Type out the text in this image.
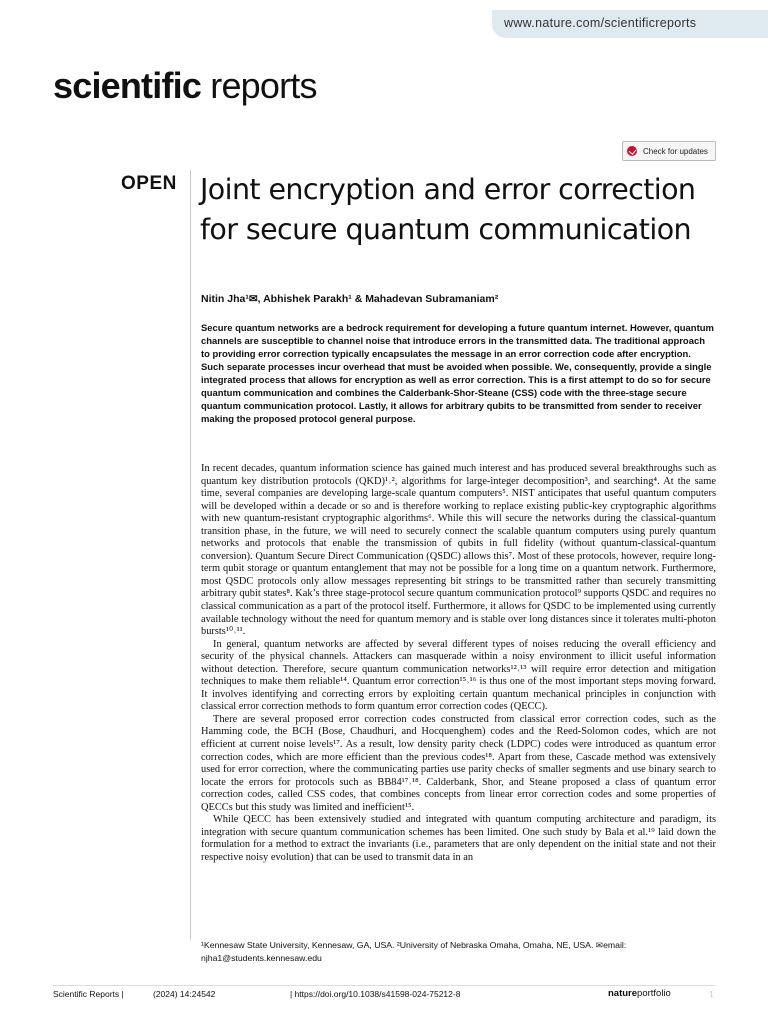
www.nature.com/scientificreports
scientific reports
Check for updates
OPEN Joint encryption and error correction for secure quantum communication
Nitin Jha¹✉, Abhishek Parakh¹ & Mahadevan Subramaniam²

Secure quantum networks are a bedrock requirement for developing a future quantum internet. However, quantum channels are susceptible to channel noise that introduce errors in the transmitted data. The traditional approach to providing error correction typically encapsulates the message in an error correction code after encryption. Such separate processes incur overhead that must be avoided when possible. We, consequently, provide a single integrated process that allows for encryption as well as error correction. This is a first attempt to do so for secure quantum communication and combines the Calderbank-Shor-Steane (CSS) code with the three-stage secure quantum communication protocol. Lastly, it allows for arbitrary qubits to be transmitted from sender to receiver making the proposed protocol general purpose.

In recent decades, quantum information science has gained much interest and has produced several breakthroughs such as quantum key distribution protocols (QKD)¹˒², algorithms for large-integer decomposition³, and searching⁴. At the same time, several companies are developing large-scale quantum computers⁵. NIST anticipates that useful quantum computers will be developed within a decade or so and is therefore working to replace existing public-key cryptographic algorithms with new quantum-resistant cryptographic algorithms⁶. While this will secure the networks during the classical-quantum transition phase, in the future, we will need to securely connect the scalable quantum computers using purely quantum networks and protocols that enable the transmission of qubits in full fidelity (without quantum-classical-quantum conversion). Quantum Secure Direct Communication (QSDC) allows this⁷. Most of these protocols, however, require long-term qubit storage or quantum entanglement that may not be possible for a long time on a quantum network. Furthermore, most QSDC protocols only allow messages representing bit strings to be transmitted rather than securely transmitting arbitrary qubit states⁸. Kak’s three stage-protocol secure quantum communication protocol⁹ supports QSDC and requires no classical communication as a part of the protocol itself. Furthermore, it allows for QSDC to be implemented using currently available technology without the need for quantum memory and is stable over long distances since it tolerates multi-photon bursts¹⁰˒¹¹.

In general, quantum networks are affected by several different types of noises reducing the overall efficiency and security of the physical channels. Attackers can masquerade within a noisy environment to illicit useful information without detection. Therefore, secure quantum communication networks¹²˒¹³ will require error detection and mitigation techniques to make them reliable¹⁴. Quantum error correction¹⁵˒¹⁶ is thus one of the most important steps moving forward. It involves identifying and correcting errors by exploiting certain quantum mechanical principles in conjunction with classical error correction methods to form quantum error correction codes (QECC).

There are several proposed error correction codes constructed from classical error correction codes, such as the Hamming code, the BCH (Bose, Chaudhuri, and Hocquenghem) codes and the Reed-Solomon codes, which are not efficient at current noise levels¹⁷. As a result, low density parity check (LDPC) codes were introduced as quantum error correction codes, which are more efficient than the previous codes¹⁸. Apart from these, Cascade method was extensively used for error correction, where the communicating parties use parity checks of smaller segments and use binary search to locate the errors for protocols such as BB84¹⁷˒¹⁸. Calderbank, Shor, and Steane proposed a class of quantum error correction codes, called CSS codes, that combines concepts from linear error correction codes and some properties of QECCs but this study was limited and inefficient¹⁵.

While QECC has been extensively studied and integrated with quantum computing architecture and paradigm, its integration with secure quantum communication schemes has been limited. One such study by Bala et al.¹⁹ laid down the formulation for a method to extract the invariants (i.e., parameters that are only dependent on the initial state and not their respective noisy evolution) that can be used to transmit data in an

¹Kennesaw State University, Kennesaw, GA, USA. ²University of Nebraska Omaha, Omaha, NE, USA. ✉email:
njha1@students.kennesaw.edu
Scientific Reports |	(2024) 14:24542	| https://doi.org/10.1038/s41598-024-75212-8	natureportfolio	1
